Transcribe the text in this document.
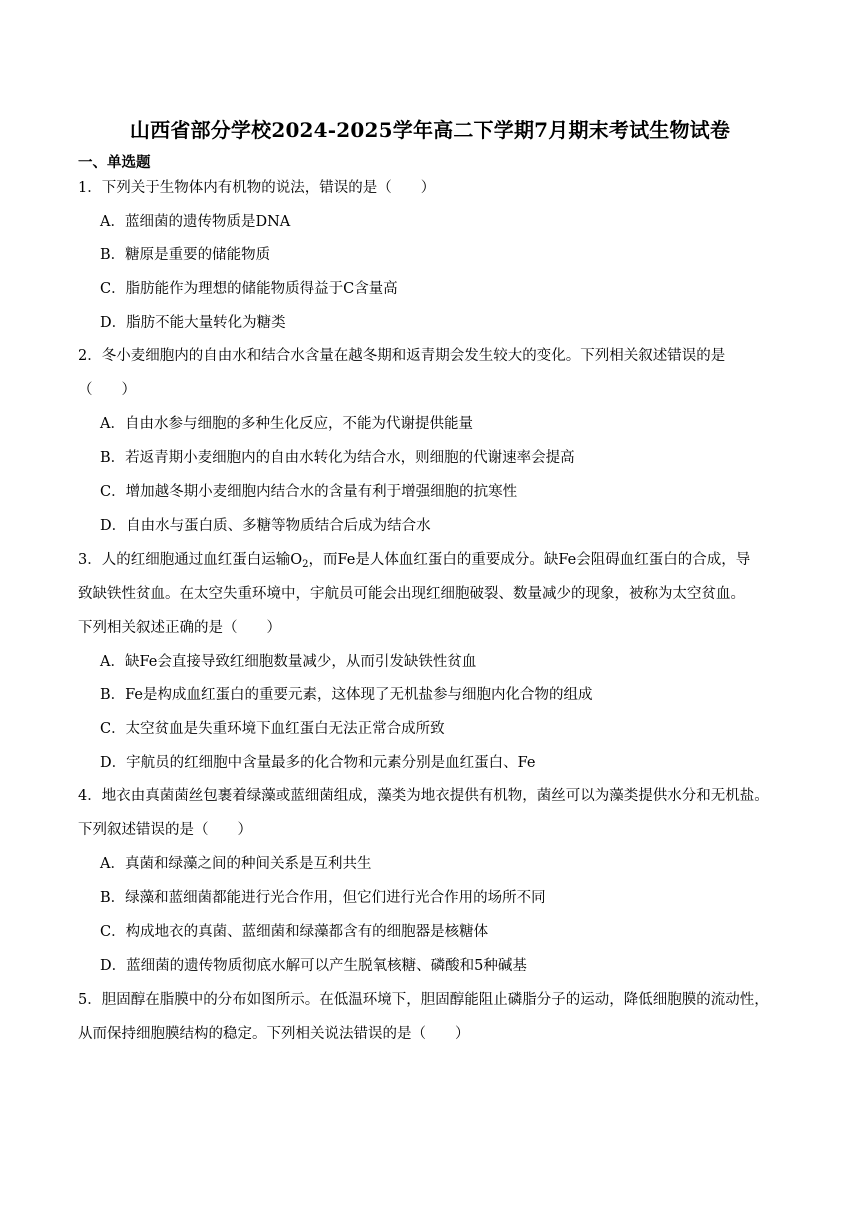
山西省部分学校2024-2025学年高二下学期7月期末考试生物试卷
一、单选题
1．下列关于生物体内有机物的说法，错误的是（　　）
A．蓝细菌的遗传物质是DNA
B．糖原是重要的储能物质
C．脂肪能作为理想的储能物质得益于C含量高
D．脂肪不能大量转化为糖类
2．冬小麦细胞内的自由水和结合水含量在越冬期和返青期会发生较大的变化。下列相关叙述错误的是
（　　）
A．自由水参与细胞的多种生化反应，不能为代谢提供能量
B．若返青期小麦细胞内的自由水转化为结合水，则细胞的代谢速率会提高
C．增加越冬期小麦细胞内结合水的含量有利于增强细胞的抗寒性
D．自由水与蛋白质、多糖等物质结合后成为结合水
3．人的红细胞通过血红蛋白运输$O_2$，而Fe是人体血红蛋白的重要成分。缺Fe会阻碍血红蛋白的合成，导
致缺铁性贫血。在太空失重环境中，宇航员可能会出现红细胞破裂、数量减少的现象，被称为太空贫血。
下列相关叙述正确的是（　　）
A．缺Fe会直接导致红细胞数量减少，从而引发缺铁性贫血
B．Fe是构成血红蛋白的重要元素，这体现了无机盐参与细胞内化合物的组成
C．太空贫血是失重环境下血红蛋白无法正常合成所致
D．宇航员的红细胞中含量最多的化合物和元素分别是血红蛋白、Fe
4．地衣由真菌菌丝包裹着绿藻或蓝细菌组成，藻类为地衣提供有机物，菌丝可以为藻类提供水分和无机盐。
下列叙述错误的是（　　）
A．真菌和绿藻之间的种间关系是互利共生
B．绿藻和蓝细菌都能进行光合作用，但它们进行光合作用的场所不同
C．构成地衣的真菌、蓝细菌和绿藻都含有的细胞器是核糖体
D．蓝细菌的遗传物质彻底水解可以产生脱氧核糖、磷酸和5种碱基
5．胆固醇在脂膜中的分布如图所示。在低温环境下，胆固醇能阻止磷脂分子的运动，降低细胞膜的流动性，
从而保持细胞膜结构的稳定。下列相关说法错误的是（　　）
